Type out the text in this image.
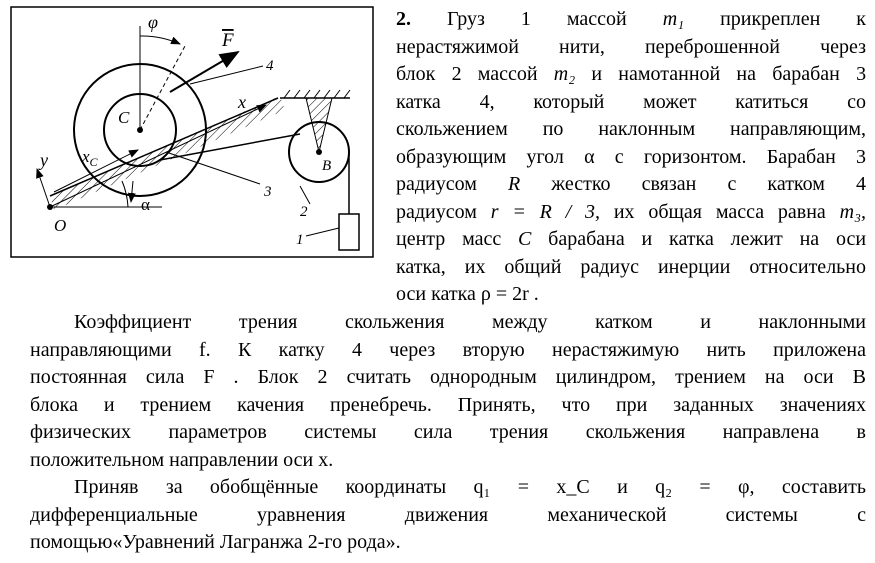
φ
F
4
x
C
$x_C$
y
O
α
3
B
2
1
2. Груз 1 массой m₁ прикреплен к
нерастяжимой нити, переброшенной через
блок 2 массой m₂ и намотанной на барабан 3
катка 4, который может катиться со
скольжением по наклонным направляющим,
образующим угол α с горизонтом. Барабан 3
радиусом R жестко связан с катком 4
радиусом r = R / 3, их общая масса равна m₃,
центр масс C барабана и катка лежит на оси
катка, их общий радиус инерции относительно
оси катка ρ = 2r .
Коэффициент трения скольжения между катком и наклонными
направляющими f. К катку 4 через вторую нерастяжимую нить приложена
постоянная сила F . Блок 2 считать однородным цилиндром, трением на оси B
блока и трением качения пренебречь. Принять, что при заданных значениях
физических параметров системы сила трения скольжения направлена в
положительном направлении оси x.
Приняв за обобщённые координаты q₁ = x_C и q₂ = φ, составить
дифференциальные уравнения движения механической системы с
помощью«Уравнений Лагранжа 2-го рода».
